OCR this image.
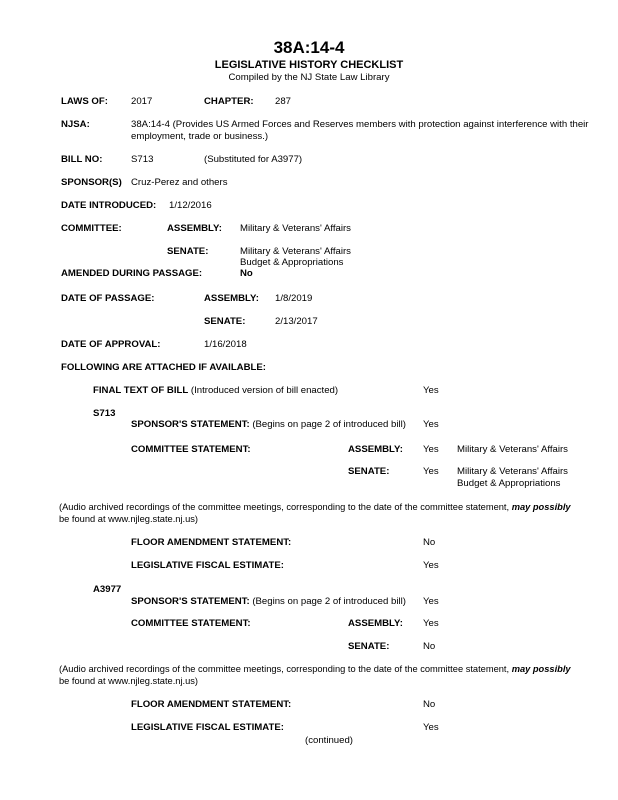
38A:14-4
LEGISLATIVE HISTORY CHECKLIST
Compiled by the NJ State Law Library
LAWS OF: 2017	CHAPTER: 287
NJSA:	38A:14-4 (Provides US Armed Forces and Reserves members with protection against interference with their
employment, trade or business.)
BILL NO:	S713	(Substituted for A3977)
SPONSOR(S) Cruz-Perez and others
DATE INTRODUCED: 1/12/2016
COMMITTEE:	ASSEMBLY: Military & Veterans' Affairs
SENATE:	Military & Veterans' Affairs
Budget & Appropriations
AMENDED DURING PASSAGE:	No
DATE OF PASSAGE:	ASSEMBLY: 1/8/2019
SENATE:	2/13/2017
DATE OF APPROVAL:	1/16/2018
FOLLOWING ARE ATTACHED IF AVAILABLE:
FINAL TEXT OF BILL (Introduced version of bill enacted)	Yes
S713
SPONSOR'S STATEMENT: (Begins on page 2 of introduced bill) Yes
COMMITTEE STATEMENT:	ASSEMBLY: Yes Military & Veterans' Affairs
SENATE:	Yes Military & Veterans' Affairs
Budget & Appropriations
(Audio archived recordings of the committee meetings, corresponding to the date of the committee statement, may possibly
be found at www.njleg.state.nj.us)
FLOOR AMENDMENT STATEMENT:	No
LEGISLATIVE FISCAL ESTIMATE:	Yes
A3977
SPONSOR'S STATEMENT: (Begins on page 2 of introduced bill) Yes
COMMITTEE STATEMENT:	ASSEMBLY: Yes
SENATE:	No
(Audio archived recordings of the committee meetings, corresponding to the date of the committee statement, may possibly
be found at www.njleg.state.nj.us)
FLOOR AMENDMENT STATEMENT:	No
LEGISLATIVE FISCAL ESTIMATE:	Yes
(continued)
